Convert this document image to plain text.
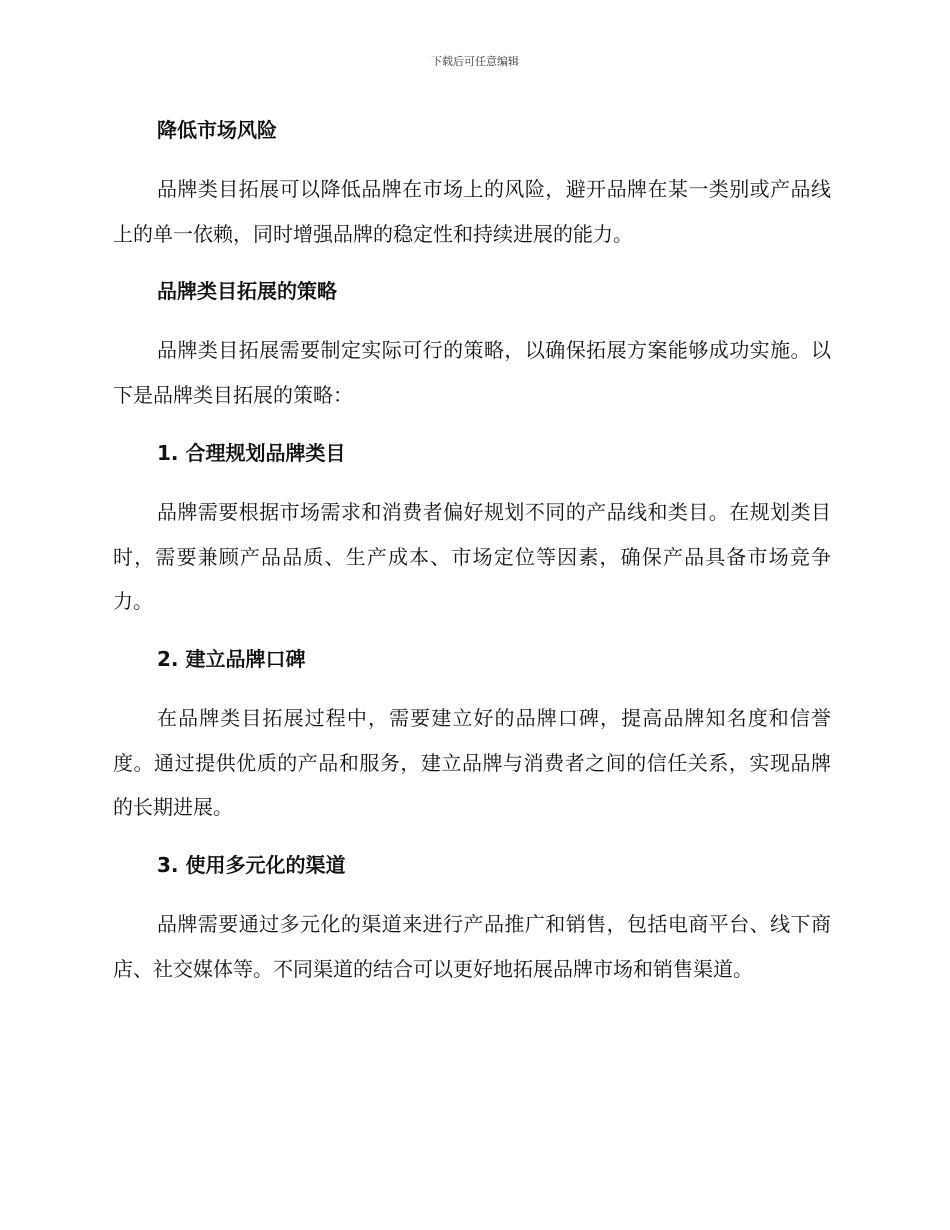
下载后可任意编辑
降低市场风险

品牌类目拓展可以降低品牌在市场上的风险，避开品牌在某一类别或产品线上的单一依赖，同时增强品牌的稳定性和持续进展的能力。

品牌类目拓展的策略

品牌类目拓展需要制定实际可行的策略，以确保拓展方案能够成功实施。以下是品牌类目拓展的策略：

1. 合理规划品牌类目

品牌需要根据市场需求和消费者偏好规划不同的产品线和类目。在规划类目时，需要兼顾产品品质、生产成本、市场定位等因素，确保产品具备市场竞争力。

2. 建立品牌口碑

在品牌类目拓展过程中，需要建立好的品牌口碑，提高品牌知名度和信誉度。通过提供优质的产品和服务，建立品牌与消费者之间的信任关系，实现品牌的长期进展。

3. 使用多元化的渠道

品牌需要通过多元化的渠道来进行产品推广和销售，包括电商平台、线下商店、社交媒体等。不同渠道的结合可以更好地拓展品牌市场和销售渠道。
